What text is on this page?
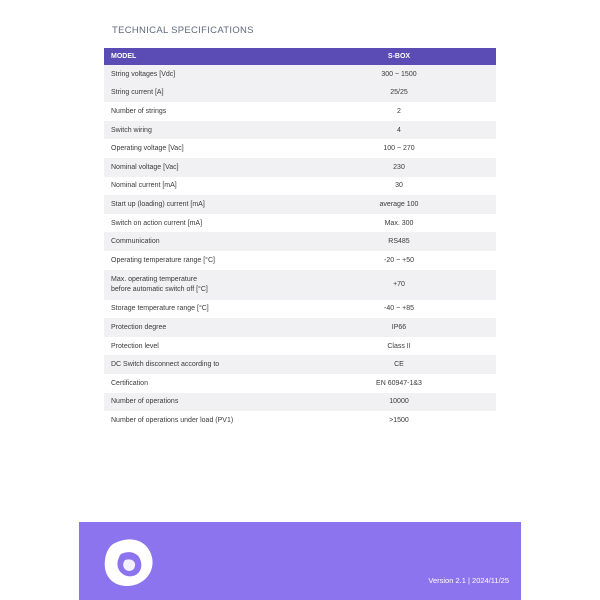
TECHNICAL SPECIFICATIONS
MODEL	S-BOX
String voltages [Vdc]	300 ~ 1500
String current [A]	25/25
Number of strings	2
Switch wiring	4
Operating voltage [Vac]	100 ~ 270
Nominal voltage [Vac]	230
Nominal current [mA]	30
Start up (loading) current [mA]	average 100
Switch on action current [mA]	Max. 300
Communication	RS485
Operating temperature range [°C]	-20 ~ +50
Max. operating temperature
before automatic switch off [°C]	+70
Storage temperature range [°C]	-40 ~ +85
Protection degree	IP66
Protection level	Class II
DC Switch disconnect according to	CE
Certification	EN 60947-1&3
Number of operations	10000
Number of operations under load (PV1)	>1500
Version 2.1 | 2024/11/25
